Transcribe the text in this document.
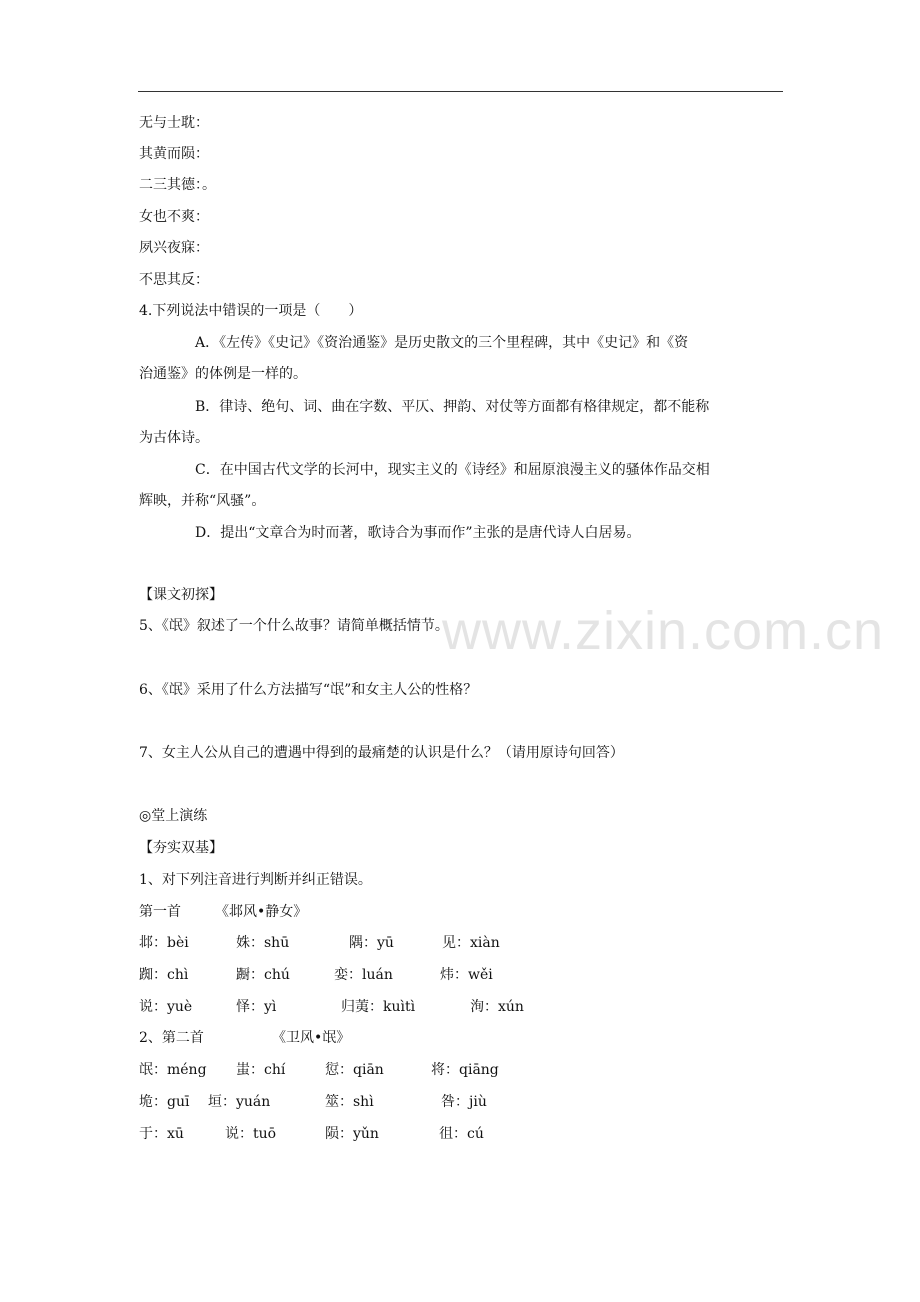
www.zixin.com.cn
无与士耽：
其黄而陨：
二三其德：。
女也不爽：
夙兴夜寐：
不思其反：
4.下列说法中错误的一项是（　　）
A．《左传》《史记》《资治通鉴》是历史散文的三个里程碑，其中《史记》和《资
治通鉴》的体例是一样的。
B．律诗、绝句、词、曲在字数、平仄、押韵、对仗等方面都有格律规定，都不能称
为古体诗。
C．在中国古代文学的长河中，现实主义的《诗经》和屈原浪漫主义的骚体作品交相
辉映，并称“风骚”。
D．提出“文章合为时而著，歌诗合为事而作”主张的是唐代诗人白居易。
【课文初探】
5、《氓》叙述了一个什么故事？请简单概括情节。
6、《氓》采用了什么方法描写“氓”和女主人公的性格？
7、女主人公从自己的遭遇中得到的最痛楚的认识是什么？（请用原诗句回答）
◎堂上演练
【夯实双基】
1、对下列注音进行判断并纠正错误。
第一首 《邶风•静女》
邶：bèi	姝：shū	隅：yū	见：xiàn
踟：chì	蹰：chú	娈：luán	炜：wěi
说：yuè	怿：yì	归荑：kuìtì	洵：xún
2、第二首	《卫风•氓》
氓：méng 蚩：chí	愆：qiān	将：qiāng
垝：guī 垣：yuán	筮：shì	咎：jiù
于：xū	说：tuō	陨：yǔn	徂：cú
